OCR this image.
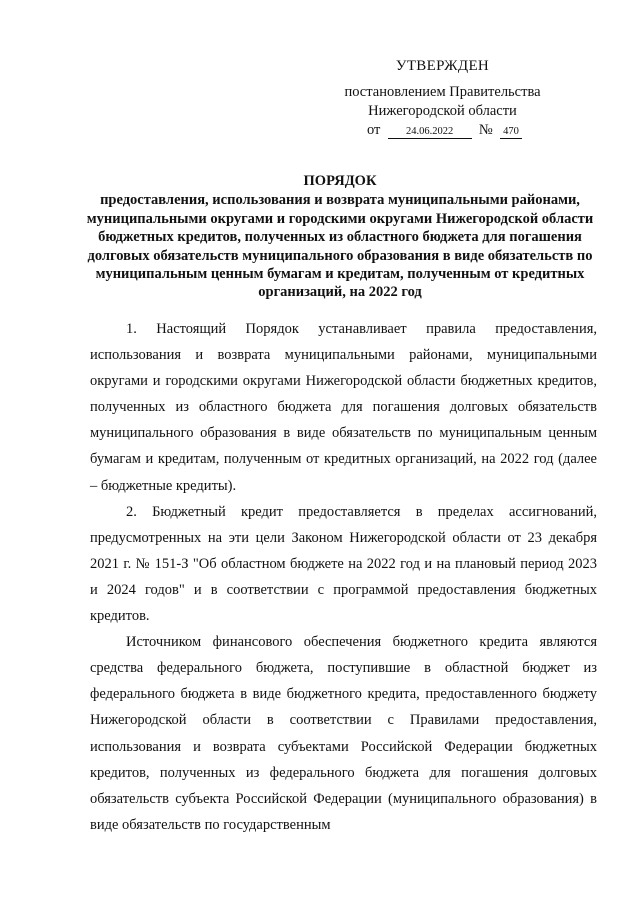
УТВЕРЖДЕН
постановлением Правительства
Нижегородской области
от 24.06.2022 № 470
ПОРЯДОК
предоставления, использования и возврата муниципальными районами, муниципальными округами и городскими округами Нижегородской области бюджетных кредитов, полученных из областного бюджета для погашения долговых обязательств муниципального образования в виде обязательств по муниципальным ценным бумагам и кредитам, полученным от кредитных организаций, на 2022 год

1. Настоящий Порядок устанавливает правила предоставления, использования и возврата муниципальными районами, муниципальными округами и городскими округами Нижегородской области бюджетных кредитов, полученных из областного бюджета для погашения долговых обязательств муниципального образования в виде обязательств по муниципальным ценным бумагам и кредитам, полученным от кредитных организаций, на 2022 год (далее – бюджетные кредиты).

2. Бюджетный кредит предоставляется в пределах ассигнований, предусмотренных на эти цели Законом Нижегородской области от 23 декабря 2021 г. № 151-З "Об областном бюджете на 2022 год и на плановый период 2023 и 2024 годов" и в соответствии с программой предоставления бюджетных кредитов.

Источником финансового обеспечения бюджетного кредита являются средства федерального бюджета, поступившие в областной бюджет из федерального бюджета в виде бюджетного кредита, предоставленного бюджету Нижегородской области в соответствии с Правилами предоставления, использования и возврата субъектами Российской Федерации бюджетных кредитов, полученных из федерального бюджета для погашения долговых обязательств субъекта Российской Федерации (муниципального образования) в виде обязательств по государственным
